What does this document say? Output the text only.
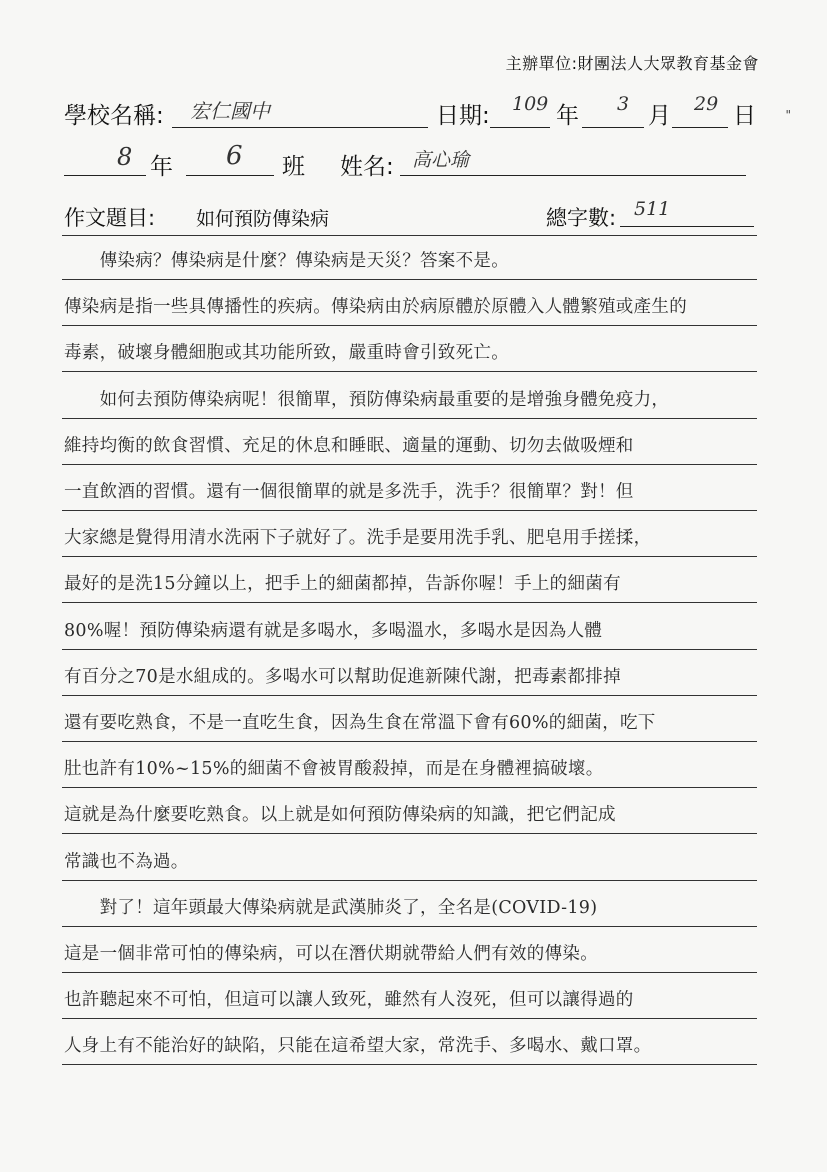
主辦單位:財團法人大眾教育基金會
"
學校名稱: 宏仁國中	日期: 109 年 3 月 29 日
8 年 6 班 姓名: 高心瑜
作文題目: 如何預防傳染病	總字數: 511
　　傳染病？傳染病是什麼？傳染病是天災？答案不是。
傳染病是指一些具傳播性的疾病。傳染病由於病原體於原體入人體繁殖或產生的
毒素，破壞身體細胞或其功能所致，嚴重時會引致死亡。
　　如何去預防傳染病呢！很簡單，預防傳染病最重要的是增強身體免疫力，
維持均衡的飲食習慣、充足的休息和睡眠、適量的運動、切勿去做吸煙和
一直飲酒的習慣。還有一個很簡單的就是多洗手，洗手？很簡單？對！但
大家總是覺得用清水洗兩下子就好了。洗手是要用洗手乳、肥皂用手搓揉，
最好的是洗15分鐘以上，把手上的細菌都掉，告訴你喔！手上的細菌有
80%喔！預防傳染病還有就是多喝水，多喝溫水，多喝水是因為人體
有百分之70是水組成的。多喝水可以幫助促進新陳代謝，把毒素都排掉
還有要吃熟食，不是一直吃生食，因為生食在常溫下會有60%的細菌，吃下
肚也許有10%~15%的細菌不會被胃酸殺掉，而是在身體裡搞破壞。
這就是為什麼要吃熟食。以上就是如何預防傳染病的知識，把它們記成
常識也不為過。
　　對了！這年頭最大傳染病就是武漢肺炎了，全名是(COVID-19)
這是一個非常可怕的傳染病，可以在潛伏期就帶給人們有效的傳染。
也許聽起來不可怕，但這可以讓人致死，雖然有人沒死，但可以讓得過的
人身上有不能治好的缺陷，只能在這希望大家，常洗手、多喝水、戴口罩。
